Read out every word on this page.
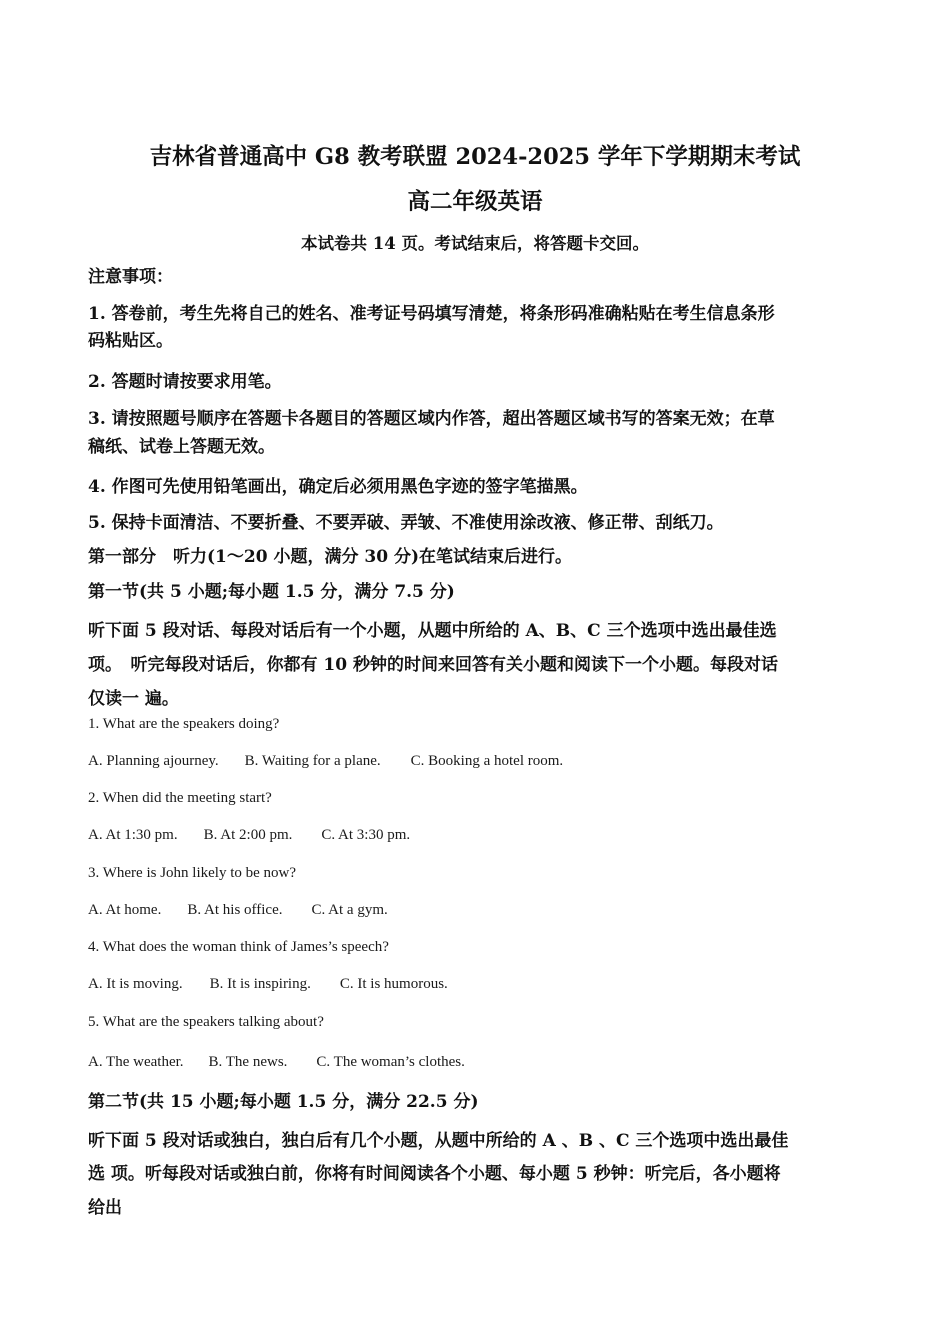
吉林省普通高中 G8 教考联盟 2024-2025 学年下学期期末考试
高二年级英语
本试卷共 14 页。考试结束后，将答题卡交回。
注意事项：
1. 答卷前，考生先将自己的姓名、准考证号码填写清楚，将条形码准确粘贴在考生信息条形
码粘贴区。
2. 答题时请按要求用笔。
3. 请按照题号顺序在答题卡各题目的答题区域内作答，超出答题区域书写的答案无效；在草
稿纸、试卷上答题无效。
4. 作图可先使用铅笔画出，确定后必须用黑色字迹的签字笔描黑。
5. 保持卡面清洁、不要折叠、不要弄破、弄皱、不准使用涂改液、修正带、刮纸刀。
第一部分　听力(1～20 小题，满分 30 分)在笔试结束后进行。
第一节(共 5 小题;每小题 1.5 分，满分 7.5 分)
听下面 5 段对话、每段对话后有一个小题，从题中所给的 A、B、C 三个选项中选出最佳选
项。　听完每段对话后，你都有 10 秒钟的时间来回答有关小题和阅读下一个小题。每段对话
仅读一 遍。
1. What are the speakers doing?
A. Planning ajourney. B. Waiting for a plane. C. Booking a hotel room.
2. When did the meeting start?
A. At 1:30 pm. B. At 2:00 pm. C. At 3:30 pm.
3. Where is John likely to be now?
A. At home. B. At his office. C. At a gym.
4. What does the woman think of James’s speech?
A. It is moving. B. It is inspiring. C. It is humorous.
5. What are the speakers talking about?
A. The weather. B. The news. C. The woman’s clothes.
第二节(共 15 小题;每小题 1.5 分，满分 22.5 分)
听下面 5 段对话或独白，独白后有几个小题，从题中所给的 A 、B 、C 三个选项中选出最佳
选 项。听每段对话或独白前，你将有时间阅读各个小题、每小题 5 秒钟：听完后，各小题将
给出
